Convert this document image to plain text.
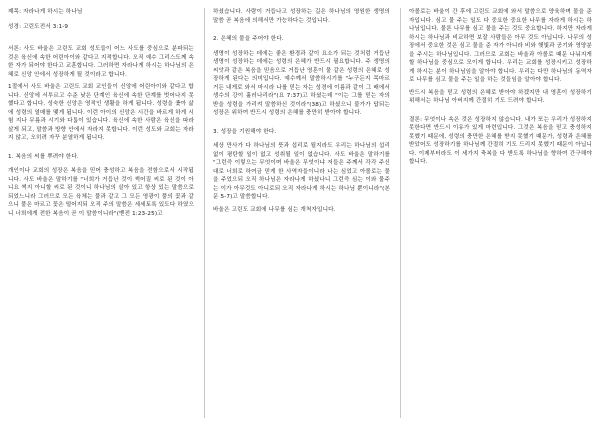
제목: 자라나게 하시는 하나님

성경: 고린도전서 3:1-9

서론: 사도 바울은 고린도 교회 성도들이 어느 사도를 중심으로 분파되는 것은 육신에 속한 어린아이와 같다고 지적합니다. 오직 예수 그리스도께 속한 자가 되어야 한다고 교훈합니다. 그러하면 자라나게 하시는 하나님의 은혜로 신앙 안에서 성장하게 될 것이라고 합니다.

1절에서 사도 바울은 고린도 교회 교인들이 신앙에 어린아이와 같다고 합니다. 신앙에 서투르고 수준 낮은 단계인 육신에 속한 단계를 벗어나지 못했다고 합니다. 성숙한 신앙은 영적인 생활을 하게 됩니다. 성령을 좇아 삶에 성령의 열매를 맺게 됩니다. 이런 아이의 신앙은 시간을 바르게 하게 시험 지나 무릎과 시기와 다툼이 있습니다. 육신에 속한 사람은 육신을 따라 살게 되고, 말씀과 방향 안에서 자라지 못합니다. 이런 성도와 교회는 자라지 않고, 오히려 자꾸 분열하게 됩니다.

1. 복음의 씨를 뿌려야 한다.

개인이나 교회의 성장은 복음을 믿어 충성하고 복음을 전함으로서 시작됩니다. 사도 바울은 말하기를 "너희가 거듭난 것이 썩어질 씨로 된 것이 아니요 썩지 아니할 씨로 된 것이니 하나님의 살아 있고 항상 있는 말씀으로 되었느니라 그러므로 모든 육체는 풀과 같고 그 모든 영광이 풀의 꽃과 같으니 풀은 마르고 꽃은 떨어지되 오직 주의 말씀은 세세토록 있도다 하였으니 너희에게 전한 복음이 곧 이 말씀이니라"(벧전 1:23-25)고

하셨습니다. 사람이 거듭나고 성장하는 길은 하나님의 영원한 생명의 말씀 곧 복음에 의해서만 가능하다는 것입니다.

2. 은혜의 물을 주어야 한다.

생명이 성장하는 데에는 좋은 환경과 같이 요소가 되는 것처럼 거듭난 생명이 성장하는 데에는 성령의 은혜가 반드시 필요합니다. 주 생명의 씨앗과 같은 복음을 믿음으로 거듭난 영혼이 물 같은 성령의 은혜로 성장하게 된다는 의미입니다. 예수께서 말씀하시기를 "누구든지 목마르거든 내게로 와서 마시라 나를 믿는 자는 성경에 이름과 같이 그 배에서 생수의 강이 흘러나리라"(요 7:37)고 하셨는데 "이는 그를 믿는 자의 받을 성령을 가리켜 말씀하신 것이라"(38)고 하셨으니 불가가 답되는 성장은 위하여 반드시 성령의 은혜를 충만히 받아야 합니다.

3. 성장을 기원해야 한다.

세상 만사가 다 하나님의 뜻과 섭리로 될지라도 우리는 하나님의 섭리 없이 평탄할 일이 없고 성취될 일이 없습니다. 사도 바울은 말하기를 "그런즉 이렇으는 무엇이며 바울은 무엇이냐 저들은 주께서 각각 주신대로 너희로 하여금 믿게 한 사역자들이니라 나는 심었고 아볼로는 물을 주었으되 오직 하나님은 자라나게 하셨나니 그런즉 심는 이와 물주는 이가 아무것도 아니로되 오직 자라나게 하시는 하나님 뿐이니라"(본문 5-7)고 말씀합니다.

바울은 고린도 교회에 나무를 심는 개척자입니다.

아볼로는 바울이 간 후에 고린도 교회에 와서 말씀으로 양육하며 물을 준 자입니다. 심고 물 주는 일도 다 중요한 중요한 나무를 자라게 하시는 하나님입니다. 물론 나무를 심고 물을 주는 것도 중요합니다. 하지만 자라게 하시는 하나님과 비교하면 보잘 사람들은 아무 것도 아닙니다. 나무의 성장에서 중요한 것은 심고 물을 준 자가 아니라 비와 햇빛과 공기와 영양분을 주시는 하나님입니다. 그러므로 교회는 바울과 아볼로 때문 나눠지게 할 하나님을 중심으로 모이게 합니다. 우리는 교회를 성장시키고 성장하게 하시는 분이 하나님임을 알아야 합니다. 우리는 다만 하나님의 동역자로 나무를 심고 물을 주는 일을 하는 것들임을 알아야 합니다.

반드시 복음을 믿고 성령의 은혜로 받아야 하겠지만 내 영혼이 성장하기 위해서는 하나님 아버지께 간절히 기도 드려야 합니다.

결론: 무엇이나 속은 것은 성장하지 않습니다. 내가 또는 우리가 성장하지 못한다면 반드시 이유가 있게 마련입니다. 그것은 복음을 믿고 충성하지 못했기 때문에, 성령의 충만한 은혜를 받지 못했기 때문가, 성령과 은혜를 받았어도 성장하기를 하나님께 간절히 기도 드리지 못했기 때문이 아닙니다. 이제부터라도 이 세가지 축복을 다 받도록 하나님을 향하여 간구해야 합니다.
